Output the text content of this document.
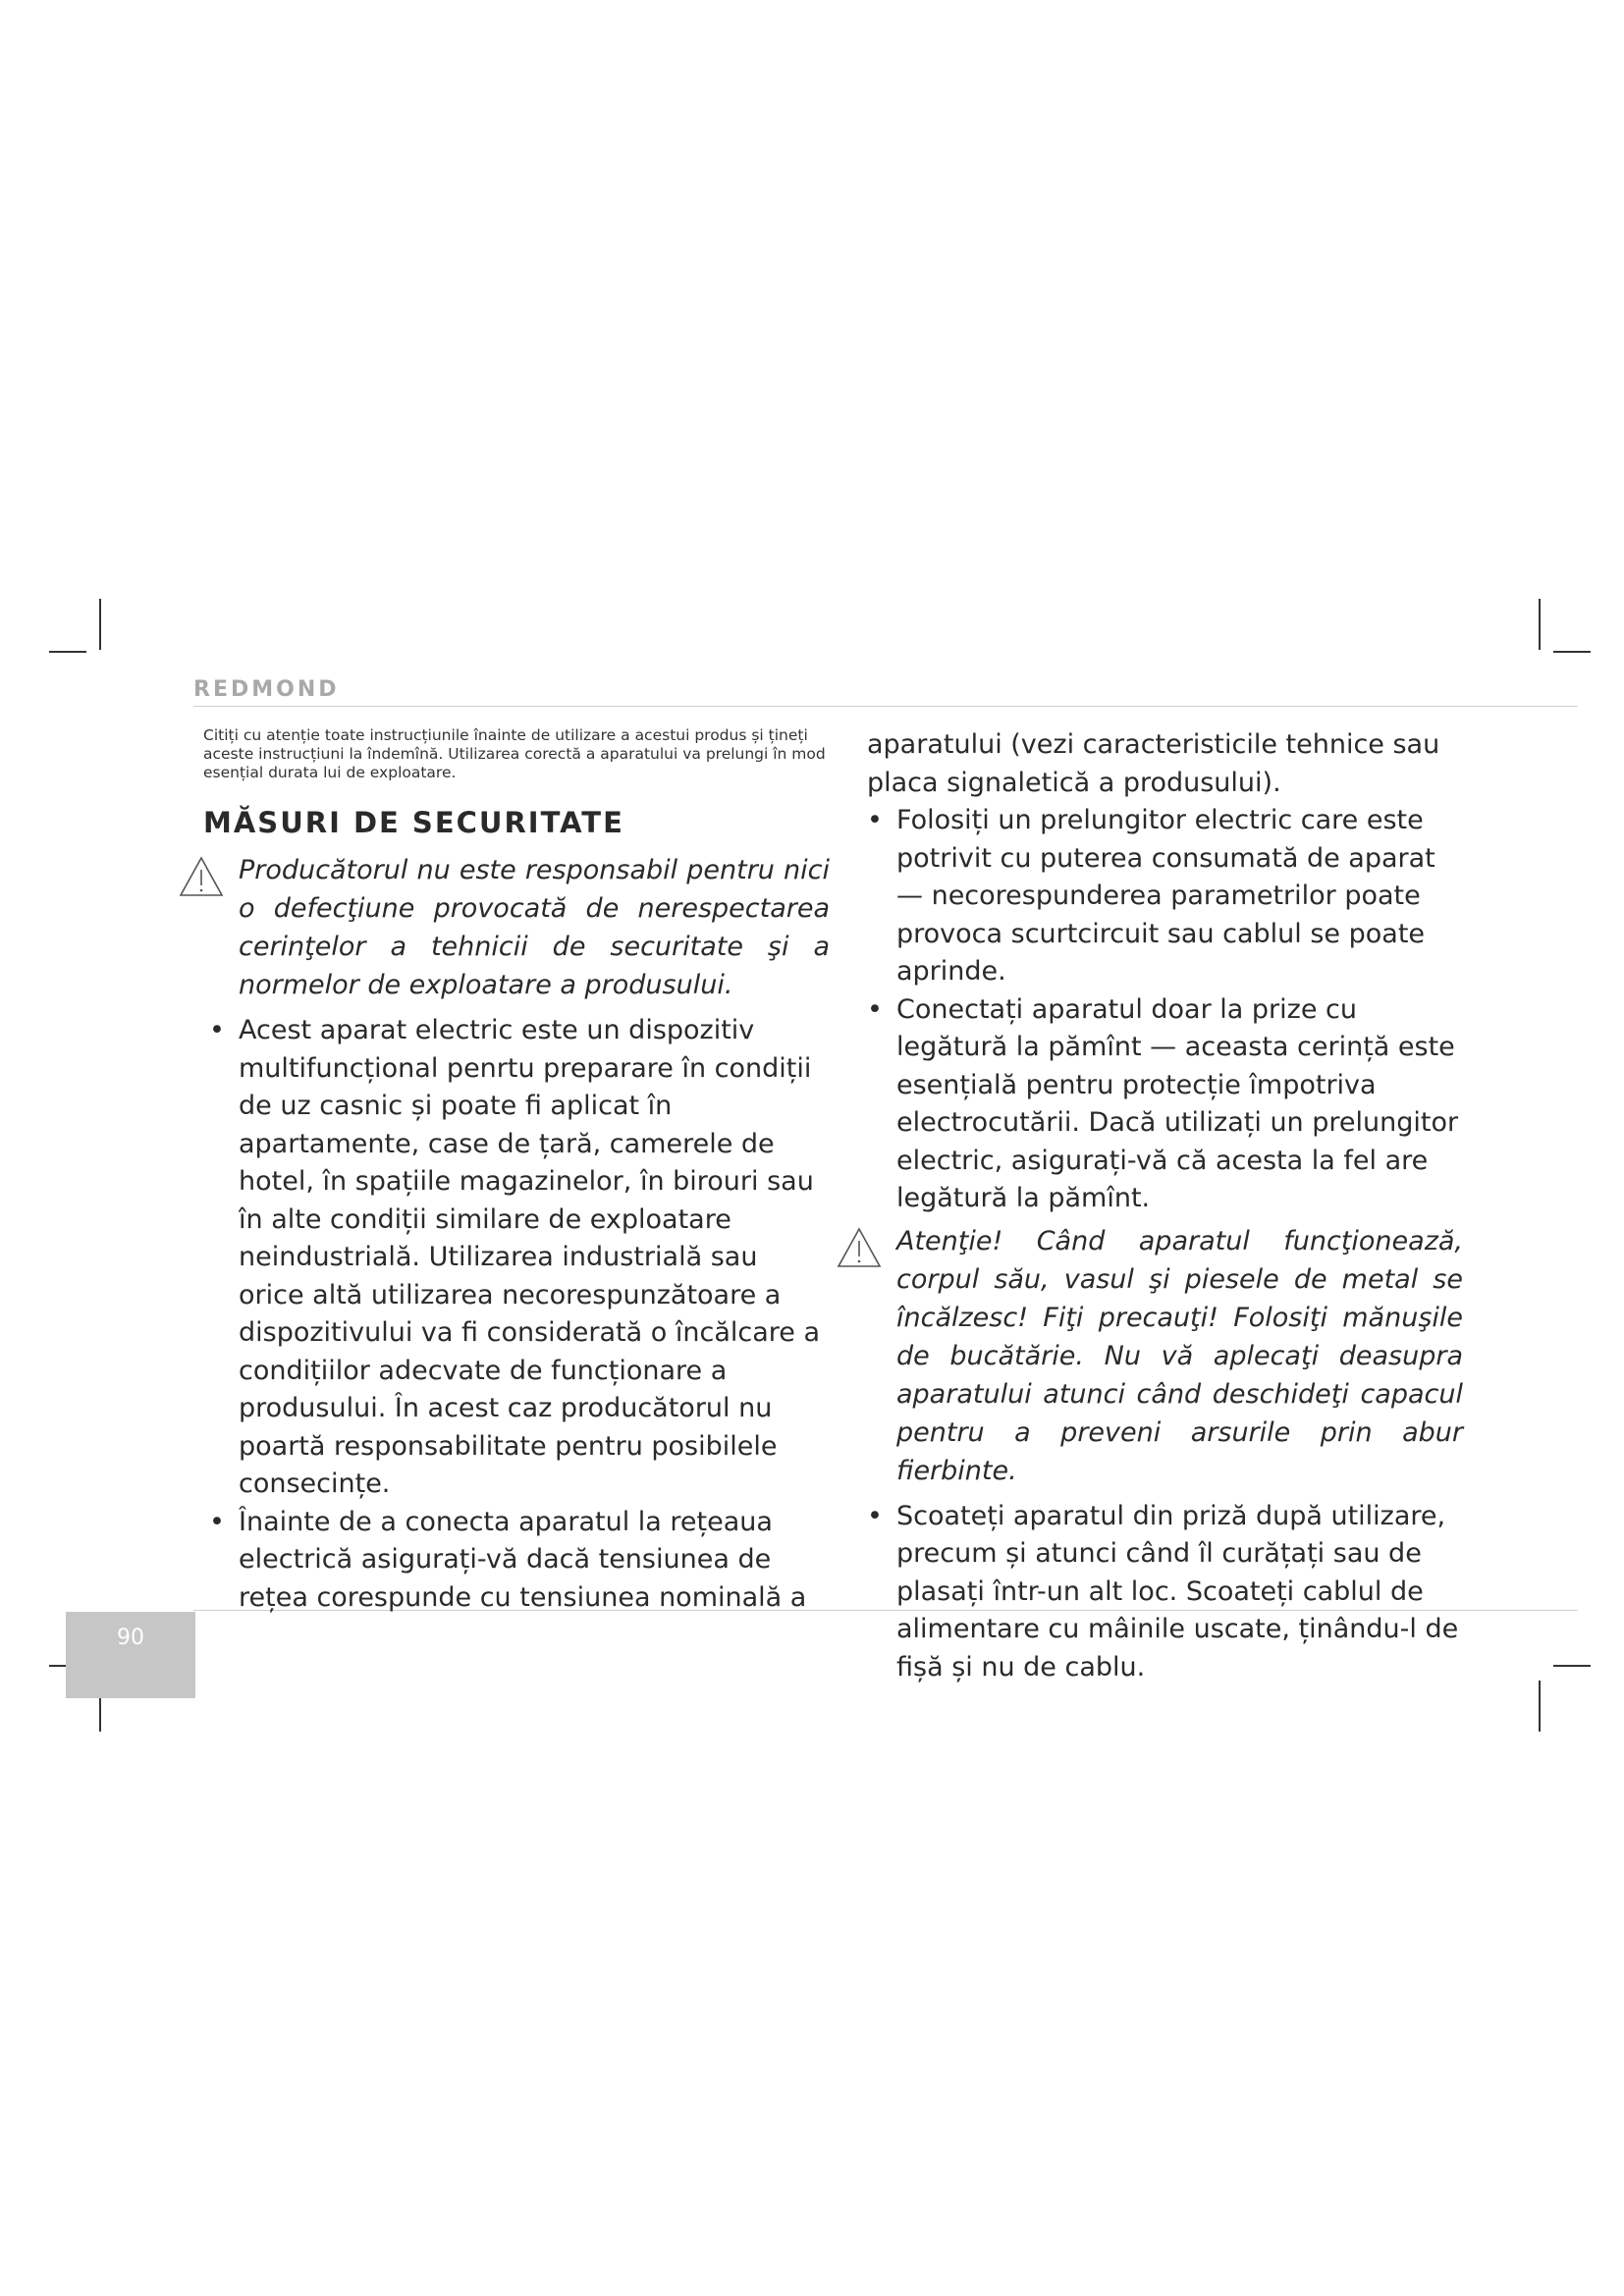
REDMOND

Citiți cu atenție toate instrucțiunile înainte de utilizare a acestui produs și țineți aceste instrucțiuni la îndemînă. Utilizarea corectă a aparatului va prelungi în mod esențial durata lui de exploatare.

MĂSURI DE SECURITATE
Producătorul nu este responsabil pentru nici o defecţiune provocată de nerespectarea cerinţelor a tehnicii de securitate şi a normelor de exploatare a produsului.

• Acest aparat electric este un dispozitiv multifuncțional penrtu preparare în condiții de uz casnic și poate fi aplicat în apartamente, case de țară, camerele de hotel, în spațiile magazinelor, în birouri sau în alte condiții similare de exploatare neindustrială. Utilizarea industrială sau orice altă utilizarea necorespunzătoare a dispozitivului va fi considerată o încălcare a condițiilor adecvate de funcționare a produsului. În acest caz producătorul nu poartă responsabilitate pentru posibilele consecințe.

• Înainte de a conecta aparatul la rețeaua electrică asigurați-vă dacă tensiunea de rețea corespunde cu tensiunea nominală a

aparatului (vezi caracteristicile tehnice sau placa signaletică a produsului).

• Folosiți un prelungitor electric care este potrivit cu puterea consumată de aparat — necorespunderea parametrilor poate provoca scurtcircuit sau cablul se poate aprinde.

• Conectați aparatul doar la prize cu legătură la pămînt — aceasta cerință este esențială pentru protecție împotriva electrocutării. Dacă utilizați un prelungitor electric, asigurați-vă că acesta la fel are legătură la pămînt.

Atenţie! Când aparatul funcţionează, corpul său, vasul şi piesele de metal se încălzesc! Fiţi precauţi! Folosiţi mănuşile de bucătărie. Nu vă aplecaţi deasupra aparatului atunci când deschideţi capacul pentru a preveni arsurile prin abur fierbinte.

• Scoateți aparatul din priză după utilizare, precum și atunci când îl curățați sau de plasați într-un alt loc. Scoateți cablul de alimentare cu mâinile uscate, ținându-l de fișă și nu de cablu.

90
